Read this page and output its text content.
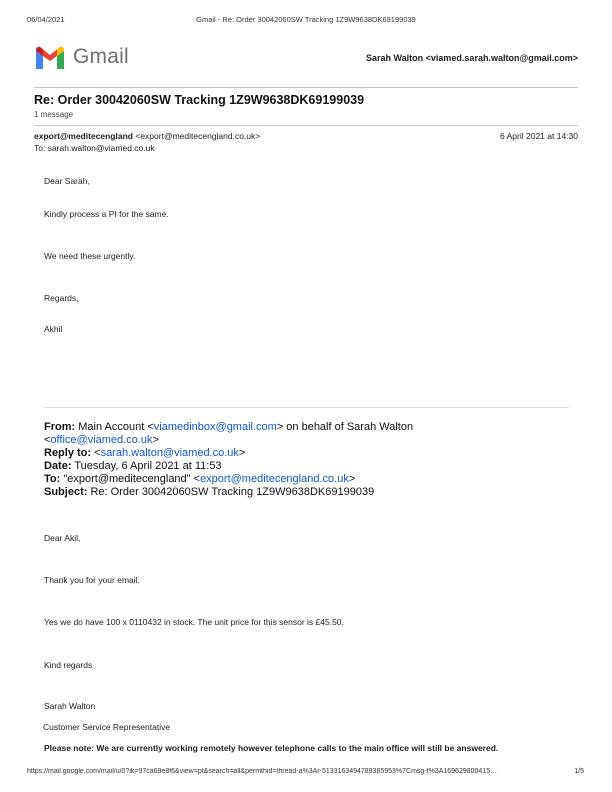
06/04/2021	Gmail - Re: Order 30042060SW Tracking 1Z9W9638DK69199039
Gmail	Sarah Walton <viamed.sarah.walton@gmail.com>
Re: Order 30042060SW Tracking 1Z9W9638DK69199039
1 message
export@meditecengland <export@meditecengland.co.uk>	6 April 2021 at 14:30
To: sarah.walton@viamed.co.uk
Dear Sarah,
Kindly process a PI for the same.
We need these urgently.
Regards,
Akhil
From: Main Account <viamedinbox@gmail.com> on behalf of Sarah Walton
<office@viamed.co.uk>
Reply to: <sarah.walton@viamed.co.uk>
Date: Tuesday, 6 April 2021 at 11:53
To: "export@meditecengland" <export@meditecengland.co.uk>
Subject: Re: Order 30042060SW Tracking 1Z9W9638DK69199039
Dear Akil,
Thank you for your email.
Yes we do have 100 x 0110432 in stock. The unit price for this sensor is £45.50.
Kind regards
Sarah Walton
Customer Service Representative
Please note: We are currently working remotely however telephone calls to the main office will still be answered.
https://mail.google.com/mail/u/0?ik=97ca69e8f6&view=pt&search=all&permthid=thread-a%3Ar-5133163494789385953%7Cmsg-f%3A169629800415…	1/5
